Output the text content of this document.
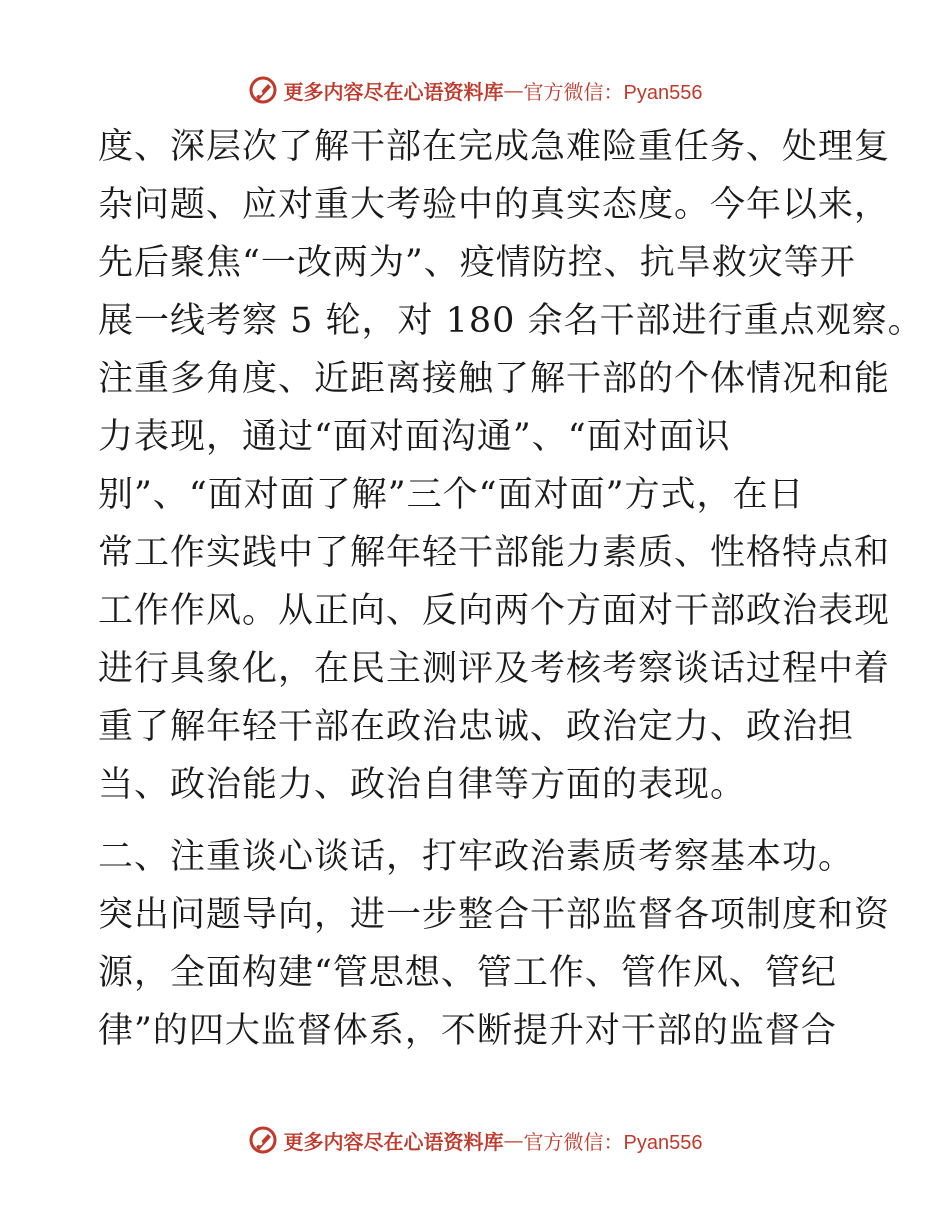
更多内容尽在心语资料库 — 官方微信：Pyan556
度、深层次了解干部在完成急难险重任务、处理复
杂问题、应对重大考验中的真实态度。今年以来，
先后聚焦“一改两为”、疫情防控、抗旱救灾等开
展一线考察 5 轮，对 180 余名干部进行重点观察。
注重多角度、近距离接触了解干部的个体情况和能
力表现，通过“面对面沟通”、“面对面识
别”、“面对面了解”三个“面对面”方式，在日
常工作实践中了解年轻干部能力素质、性格特点和
工作作风。从正向、反向两个方面对干部政治表现
进行具象化，在民主测评及考核考察谈话过程中着
重了解年轻干部在政治忠诚、政治定力、政治担
当、政治能力、政治自律等方面的表现。
二、注重谈心谈话，打牢政治素质考察基本功。
突出问题导向，进一步整合干部监督各项制度和资
源，全面构建“管思想、管工作、管作风、管纪
律”的四大监督体系，不断提升对干部的监督合
更多内容尽在心语资料库 — 官方微信：Pyan556
